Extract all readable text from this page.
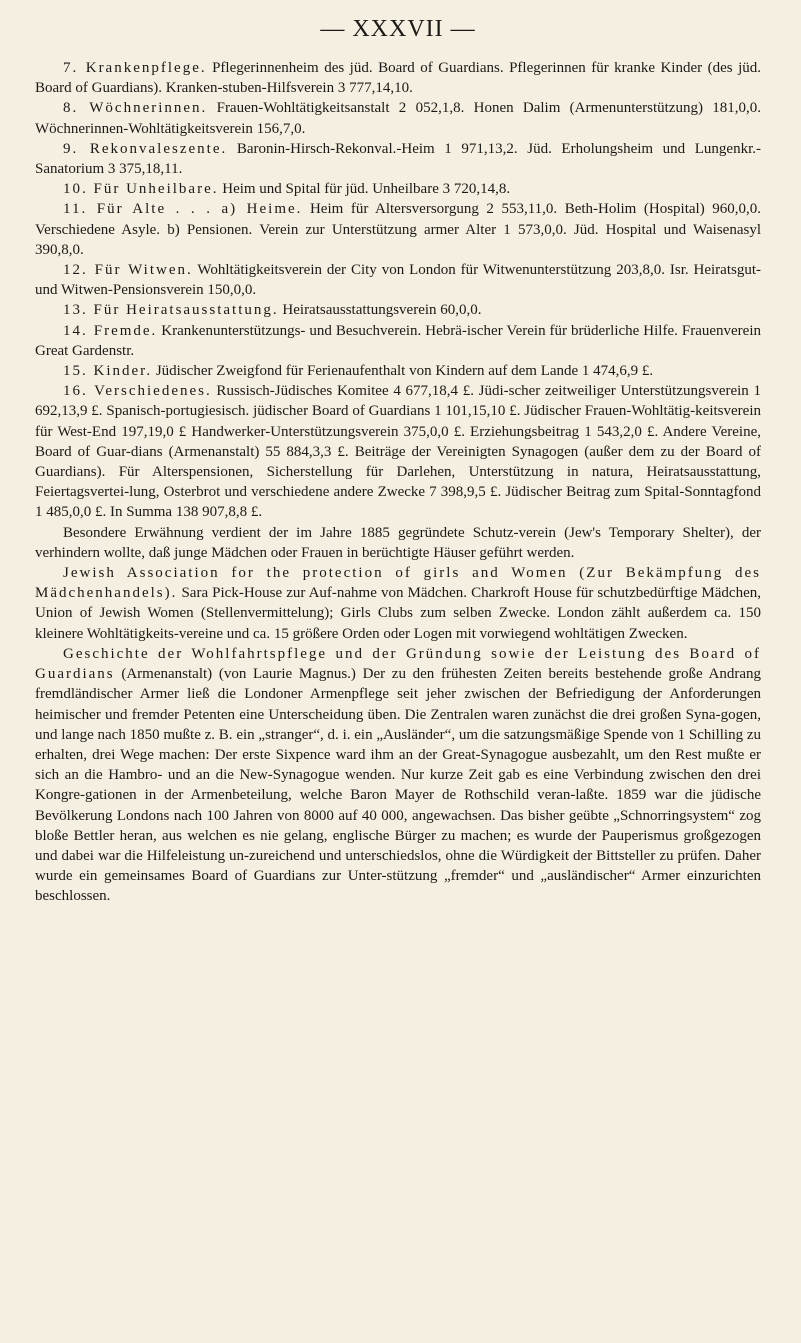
— XXXVII —

7. Krankenpflege. Pflegerinnenheim des jüd. Board of Guardians. Pflegerinnen für kranke Kinder (des jüd. Board of Guardians). Kranken-stuben-Hilfsverein 3 777,14,10.

8. Wöchnerinnen. Frauen-Wohltätigkeitsanstalt 2 052,1,8. Honen Dalim (Armenunterstützung) 181,0,0. Wöchnerinnen-Wohltätigkeitsverein 156,7,0.

9. Rekonvaleszente. Baronin-Hirsch-Rekonval.-Heim 1 971,13,2. Jüd. Erholungsheim und Lungenkr.-Sanatorium 3 375,18,11.

10. Für Unheilbare. Heim und Spital für jüd. Unheilbare 3 720,14,8.

11. Für Alte . . . a) Heime. Heim für Altersversorgung 2 553,11,0. Beth-Holim (Hospital) 960,0,0. Verschiedene Asyle. b) Pensionen. Verein zur Unterstützung armer Alter 1 573,0,0. Jüd. Hospital und Waisenasyl 390,8,0.

12. Für Witwen. Wohltätigkeitsverein der City von London für Witwenunterstützung 203,8,0. Isr. Heiratsgut- und Witwen-Pensionsverein 150,0,0.

13. Für Heiratsausstattung. Heiratsausstattungsverein 60,0,0.

14. Fremde. Krankenunterstützungs- und Besuchverein. Hebrä-ischer Verein für brüderliche Hilfe. Frauenverein Great Gardenstr.

15. Kinder. Jüdischer Zweigfond für Ferienaufenthalt von Kindern auf dem Lande 1 474,6,9 £.

16. Verschiedenes. Russisch-Jüdisches Komitee 4 677,18,4 £. Jüdi-scher zeitweiliger Unterstützungsverein 1 692,13,9 £. Spanisch-portugiesisch. jüdischer Board of Guardians 1 101,15,10 £. Jüdischer Frauen-Wohltätig-keitsverein für West-End 197,19,0 £ Handwerker-Unterstützungsverein 375,0,0 £. Erziehungsbeitrag 1 543,2,0 £. Andere Vereine, Board of Guar-dians (Armenanstalt) 55 884,3,3 £. Beiträge der Vereinigten Synagogen (außer dem zu der Board of Guardians). Für Alterspensionen, Sicherstellung für Darlehen, Unterstützung in natura, Heiratsausstattung, Feiertagsvertei-lung, Osterbrot und verschiedene andere Zwecke 7 398,9,5 £. Jüdischer Beitrag zum Spital-Sonntagfond 1 485,0,0 £. In Summa 138 907,8,8 £.

Besondere Erwähnung verdient der im Jahre 1885 gegründete Schutz-verein (Jew's Temporary Shelter), der verhindern wollte, daß junge Mädchen oder Frauen in berüchtigte Häuser geführt werden.

Jewish Association for the protection of girls and Women (Zur Bekämpfung des Mädchenhandels). Sara Pick-House zur Auf-nahme von Mädchen. Charkroft House für schutzbedürftige Mädchen, Union of Jewish Women (Stellenvermittelung); Girls Clubs zum selben Zwecke. London zählt außerdem ca. 150 kleinere Wohltätigkeits-vereine und ca. 15 größere Orden oder Logen mit vorwiegend wohltätigen Zwecken.

Geschichte der Wohlfahrtspflege und der Gründung sowie der Leistung des Board of Guardians (Armenanstalt) (von Laurie Magnus.) Der zu den frühesten Zeiten bereits bestehende große Andrang fremdländischer Armer ließ die Londoner Armenpflege seit jeher zwischen der Befriedigung der Anforderungen heimischer und fremder Petenten eine Unterscheidung üben. Die Zentralen waren zunächst die drei großen Syna-gogen, und lange nach 1850 mußte z. B. ein „stranger“, d. i. ein „Ausländer“, um die satzungsmäßige Spende von 1 Schilling zu erhalten, drei Wege machen: Der erste Sixpence ward ihm an der Great-Synagogue ausbezahlt, um den Rest mußte er sich an die Hambro- und an die New-Synagogue wenden. Nur kurze Zeit gab es eine Verbindung zwischen den drei Kongre-gationen in der Armenbeteilung, welche Baron Mayer de Rothschild veran-laßte. 1859 war die jüdische Bevölkerung Londons nach 100 Jahren von 8000 auf 40 000, angewachsen. Das bisher geübte „Schnorringsystem“ zog bloße Bettler heran, aus welchen es nie gelang, englische Bürger zu machen; es wurde der Pauperismus großgezogen und dabei war die Hilfeleistung un-zureichend und unterschiedslos, ohne die Würdigkeit der Bittsteller zu prüfen. Daher wurde ein gemeinsames Board of Guardians zur Unter-stützung „fremder“ und „ausländischer“ Armer einzurichten beschlossen.
